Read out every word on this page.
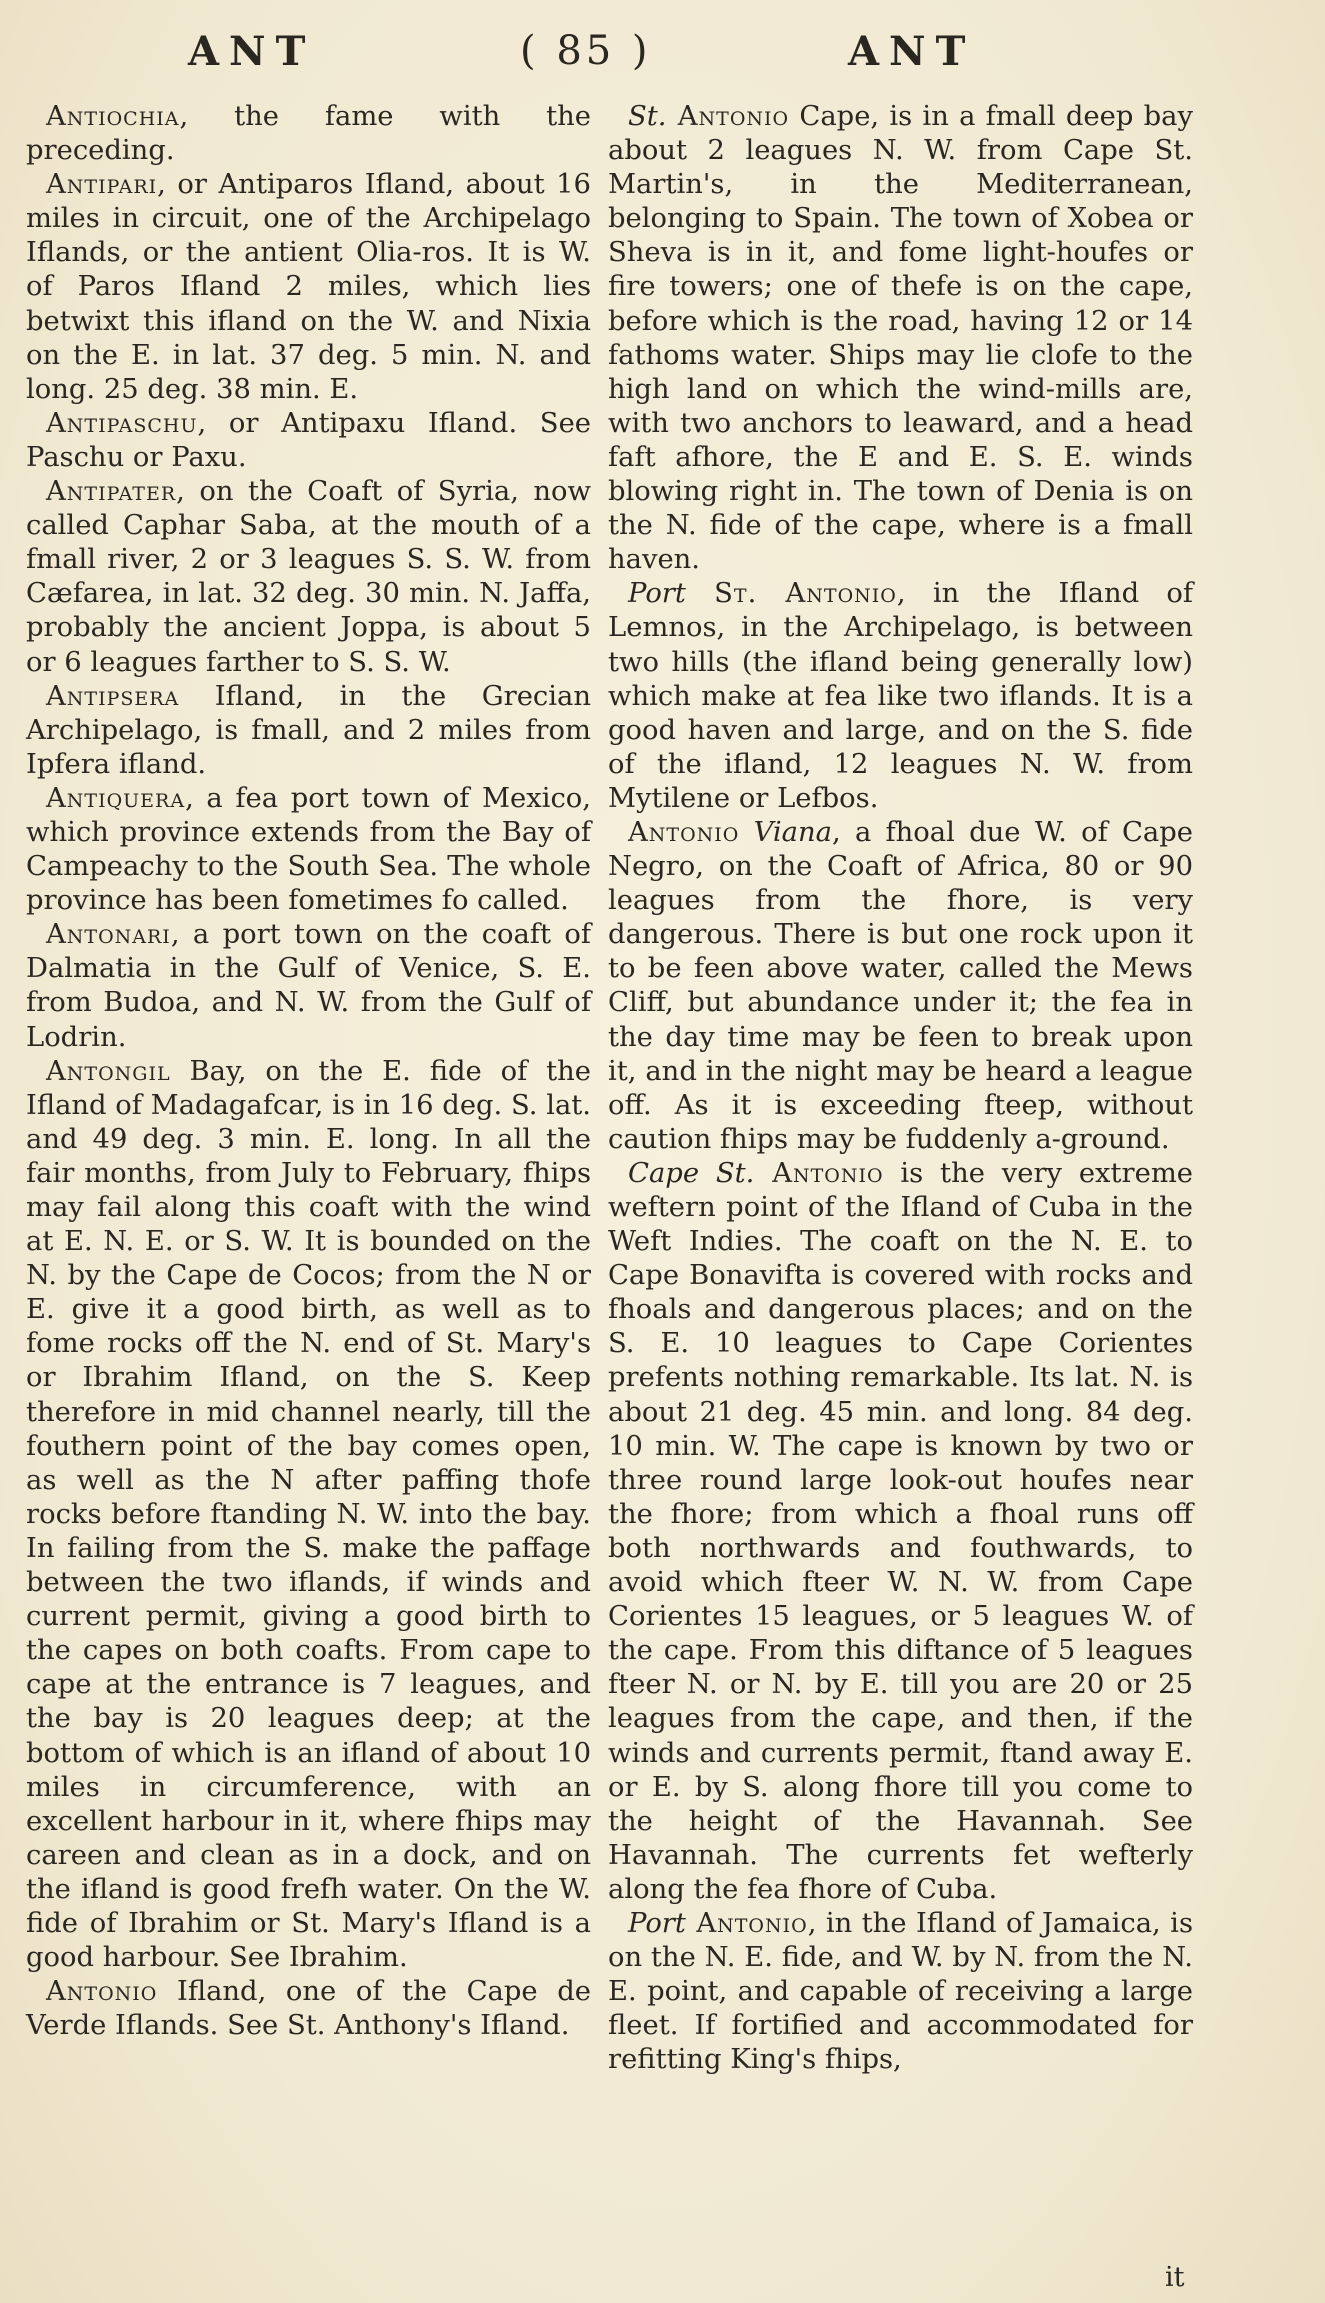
ANT	( 85 )	ANT

Antiochia, the fame with the preceding.

Antipari, or Antiparos Ifland, about 16 miles in circuit, one of the Archipelago Iflands, or the antient Olia-ros. It is W. of Paros Ifland 2 miles, which lies betwixt this ifland on the W. and Nixia on the E. in lat. 37 deg. 5 min. N. and long. 25 deg. 38 min. E.

Antipaschu, or Antipaxu Ifland. See Paschu or Paxu.

Antipater, on the Coaft of Syria, now called Caphar Saba, at the mouth of a fmall river, 2 or 3 leagues S. S. W. from Cæfarea, in lat. 32 deg. 30 min. N. Jaffa, probably the ancient Joppa, is about 5 or 6 leagues farther to S. S. W.

Antipsera Ifland, in the Grecian Archipelago, is fmall, and 2 miles from Ipfera ifland.

Antiquera, a fea port town of Mexico, which province extends from the Bay of Campeachy to the South Sea. The whole province has been fometimes fo called.

Antonari, a port town on the coaft of Dalmatia in the Gulf of Venice, S. E. from Budoa, and N. W. from the Gulf of Lodrin.

Antongil Bay, on the E. fide of the Ifland of Madagafcar, is in 16 deg. S. lat. and 49 deg. 3 min. E. long. In all the fair months, from July to February, fhips may fail along this coaft with the wind at E. N. E. or S. W. It is bounded on the N. by the Cape de Cocos; from the N or E. give it a good birth, as well as to fome rocks off the N. end of St. Mary's or Ibrahim Ifland, on the S. Keep therefore in mid channel nearly, till the fouthern point of the bay comes open, as well as the N after paffing thofe rocks before ftanding N. W. into the bay. In failing from the S. make the paffage between the two iflands, if winds and current permit, giving a good birth to the capes on both coafts. From cape to cape at the entrance is 7 leagues, and the bay is 20 leagues deep; at the bottom of which is an ifland of about 10 miles in circumference, with an excellent harbour in it, where fhips may careen and clean as in a dock, and on the ifland is good frefh water. On the W. fide of Ibrahim or St. Mary's Ifland is a good harbour. See Ibrahim.

Antonio Ifland, one of the Cape de Verde Iflands. See St. Anthony's Ifland.

St. Antonio Cape, is in a fmall deep bay about 2 leagues N. W. from Cape St. Martin's, in the Mediterranean, belonging to Spain. The town of Xobea or Sheva is in it, and fome light-houfes or fire towers; one of thefe is on the cape, before which is the road, having 12 or 14 fathoms water. Ships may lie clofe to the high land on which the wind-mills are, with two anchors to leaward, and a head faft afhore, the E and E. S. E. winds blowing right in. The town of Denia is on the N. fide of the cape, where is a fmall haven.

Port St. Antonio, in the Ifland of Lemnos, in the Archipelago, is between two hills (the ifland being generally low) which make at fea like two iflands. It is a good haven and large, and on the S. fide of the ifland, 12 leagues N. W. from Mytilene or Lefbos.

Antonio Viana, a fhoal due W. of Cape Negro, on the Coaft of Africa, 80 or 90 leagues from the fhore, is very dangerous. There is but one rock upon it to be feen above water, called the Mews Cliff, but abundance under it; the fea in the day time may be feen to break upon it, and in the night may be heard a league off. As it is exceeding fteep, without caution fhips may be fuddenly a-ground.

Cape St. Antonio is the very extreme weftern point of the Ifland of Cuba in the Weft Indies. The coaft on the N. E. to Cape Bonavifta is covered with rocks and fhoals and dangerous places; and on the S. E. 10 leagues to Cape Corientes prefents nothing remarkable. Its lat. N. is about 21 deg. 45 min. and long. 84 deg. 10 min. W. The cape is known by two or three round large look-out houfes near the fhore; from which a fhoal runs off both northwards and fouthwards, to avoid which fteer W. N. W. from Cape Corientes 15 leagues, or 5 leagues W. of the cape. From this diftance of 5 leagues fteer N. or N. by E. till you are 20 or 25 leagues from the cape, and then, if the winds and currents permit, ftand away E. or E. by S. along fhore till you come to the height of the Havannah. See Havannah. The currents fet wefterly along the fea fhore of Cuba.

Port Antonio, in the Ifland of Jamaica, is on the N. E. fide, and W. by N. from the N. E. point, and capable of receiving a large fleet. If fortified and accommodated for refitting King's fhips,

it
